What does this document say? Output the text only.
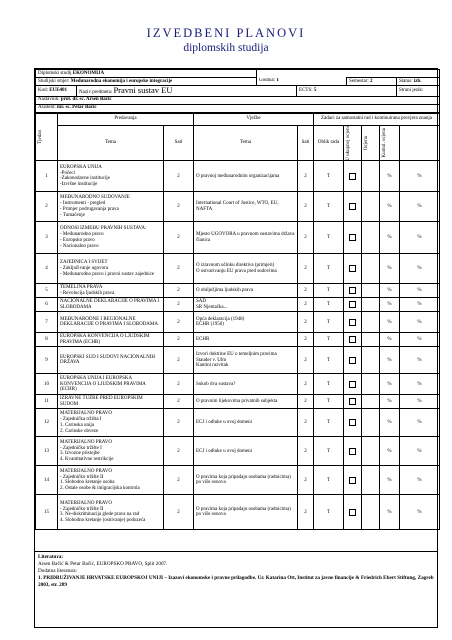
IZVEDBENI PLANOVI
diplomskih studija
Diplomski studij EKONOMIJA					
Studijski smjer: Međunarodna ekonomija i europske integracije		Godina: 1		Semestar: 2	Status: izb.
Kod: EUE401	Naziv predmeta: Pravni sustav EU		ECTS: 5		Strani jezik:
Nastavnik: prof. dr. sc. Arsen Bačić					
Asistent: mr. sc. Petar Bačić					
Tjedan	Predavanja		Vježbe		Zadaci za samostalni rad i kontinuirana provjera znanja				
	Tema	Sati	Tema	Sati	Oblik rada	U ukupnoj ocjeni	Ocjena	Kumul. ocjena	

1	EUROPSKA UNIJA
-Počeci
-Zakonodavne institucije
-Izvršne institucije	2	O pravnoj međunarodnim organizacijama	2	T			%	%
2	MEĐUNARODNO SUDOVANJE
- Instrumenti - pregled
- Primjer podrugavanja prava
- Tumačenje	2	International Court of Justice, WTO, EU, NAFTA	2	T			%	%
3	ODNOSI IZMEĐU PRAVNIH SUSTAVA:
- Međunarodno pravo
- Europsko pravo
- Nacionalno pravo	2	Mjesto UGOVORA u pravnom sustavima država članica	2	T			%	%
4	ZAJEDNICA I SVIJET
- Zaključivanje ugovora
- Međunarodno pravo i pravni sustav zajednice	2	O izravnom učinku direktiva (primjeri)
O ostvarivanju EU prava pred sudovima	2	T			%	%
5	TEMELJNA PRAVA
- Revolucija ljudskih prava	2	O obilježjima ljudskih prava	2	T			%	%
6	NACIONALNE DEKLARACIJE O PRAVIMA I SLOBODAMA	2	SAD
SR Njemačka...	2	T			%	%
7	MEĐUNARODNE I REGIONALNE DEKLARACIJE O PRAVIMA I SLOBODAMA	2	Opća deklaracija (1948)
ECHR (1950)	2	T			%	%
8	EUROPSKA KONVENCIJA O LJUDSKIM PRAVIMA (ECHR)	2	ECHR	2	T			%	%
9	EUROPSKI SUD I SUDOVI NACIONALNIH DRŽAVA	2	Izvori doktrine EU o temeljnim pravima
Stauder v. Ulm
Kantini razvitak	2	T			%	%
10	EUROPSKA UNIJA I EUROPSKA KONVENCIJA O LJUDSKIM PRAVIMA (ECHR)	2	Sukob dva sustava?	2	T			%	%
11	IZRAVNE TUŽBE PRED EUROPSKIM SUDOM	2	O pravnim lijekovima privatnih subjekta	2	T			%	%
12	MATERIJALNO PRAVO
- Zajednička tržišta I
1. Carinska unija
2. Carinske obveze	2	ECJ i odluke u ovoj domeni	2	T			%	%
13	MATERIJALNO PRAVO
- Zajedničko tržište I
3. Izvozne pristojbe
4. Kvantitativne restrikcije	2	ECJ i odluke u ovoj domeni	2	T			%	%
14	MATERIJALNO PRAVO
- Zajedničko tržište II
1. Slobodno kretanje osoba
2. Ostale osobe & imigracijska kontrola	2	O pravima koja pripadaju osobama (radnicima) po više osnova	2	T			%	%
15	MATERIJALNO PRAVO
- Zajedničko tržište II
3. Ne-diskriminacija glede prava na rad
4. Slobodno kretanje (osnivanje) poduzeća	2	O pravima koja pripadaju osobama (radnicima) po više osnova	2	T			%	%
Literatura:
Arsen Bačić & Petar Bačić, EUROPSKO PRAVO, Split 2007.
Dodatna literatura:
1. PRIDRUŽIVANJE HRVATSKE EUROPSKOJ UNIJI – Izazovi ekonomske i pravne prilagodbe. Ur. Katarina Ott, Institut za javne financije & Friedrich Ebert Stiftung, Zagreb 2003, str. 289
